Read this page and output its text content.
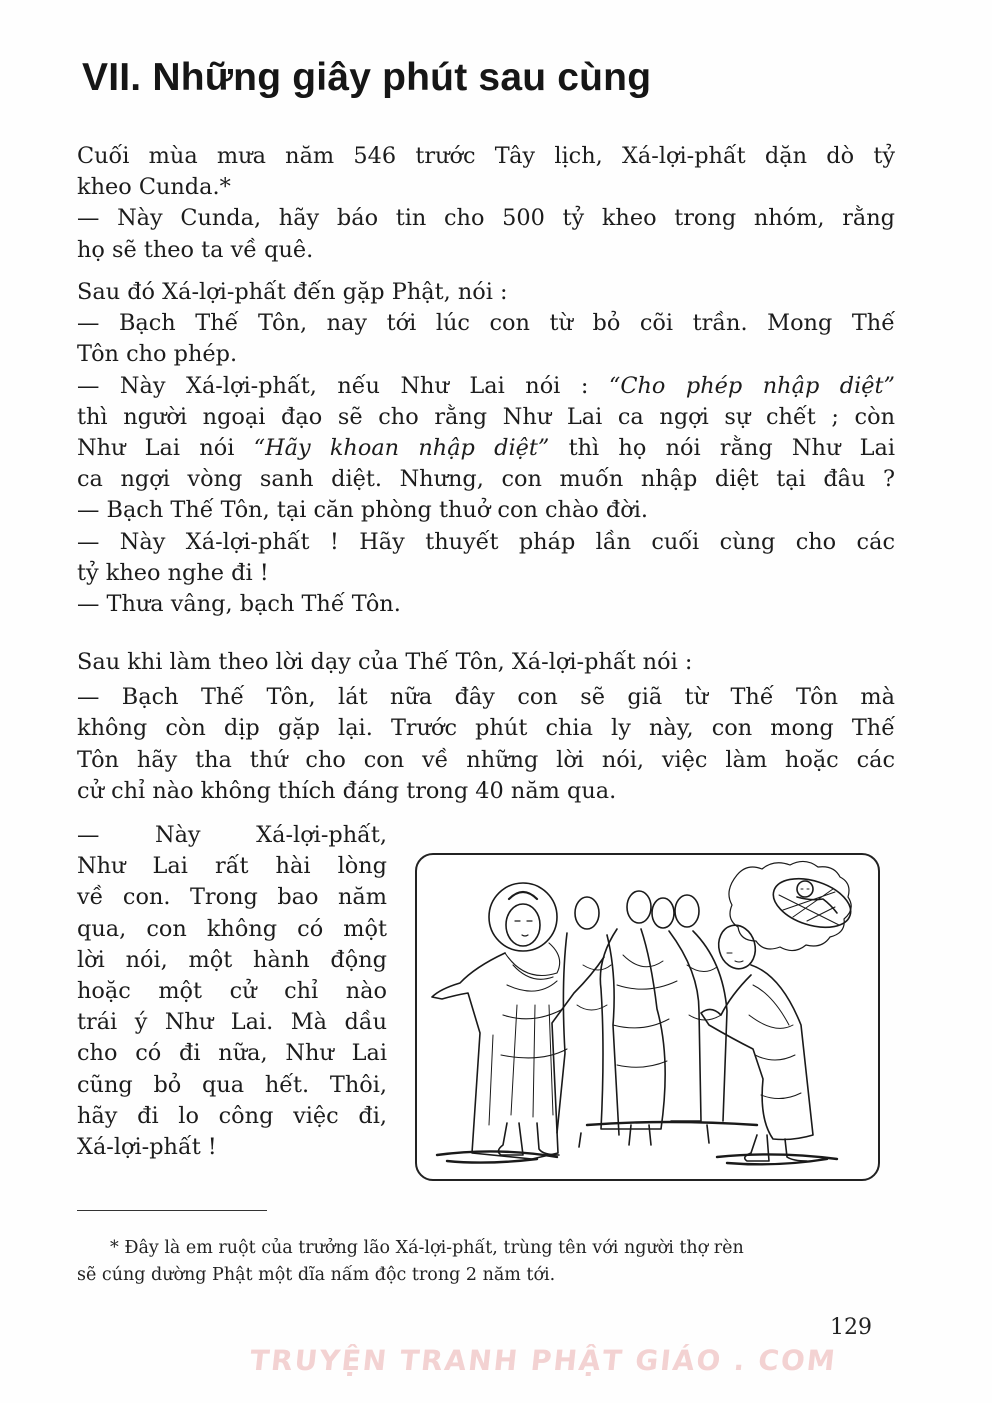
VII. Những giây phút sau cùng
Cuối mùa mưa năm 546 trước Tây lịch, Xá-lợi-phất dặn dò tỷ
kheo Cunda.*
— Này Cunda, hãy báo tin cho 500 tỷ kheo trong nhóm, rằng
họ sẽ theo ta về quê.
Sau đó Xá-lợi-phất đến gặp Phật, nói :
— Bạch Thế Tôn, nay tới lúc con từ bỏ cõi trần. Mong Thế
Tôn cho phép.
— Này Xá-lợi-phất, nếu Như Lai nói : “Cho phép nhập diệt”
thì người ngoại đạo sẽ cho rằng Như Lai ca ngợi sự chết ; còn
Như Lai nói “Hãy khoan nhập diệt” thì họ nói rằng Như Lai
ca ngợi vòng sanh diệt. Nhưng, con muốn nhập diệt tại đâu ?
— Bạch Thế Tôn, tại căn phòng thuở con chào đời.
— Này Xá-lợi-phất ! Hãy thuyết pháp lần cuối cùng cho các
tỷ kheo nghe đi !
— Thưa vâng, bạch Thế Tôn.
Sau khi làm theo lời dạy của Thế Tôn, Xá-lợi-phất nói :
— Bạch Thế Tôn, lát nữa đây con sẽ giã từ Thế Tôn mà
không còn dịp gặp lại. Trước phút chia ly này, con mong Thế
Tôn hãy tha thứ cho con về những lời nói, việc làm hoặc các
cử chỉ nào không thích đáng trong 40 năm qua.
— Này Xá-lợi-phất,
Như Lai rất hài lòng
về con. Trong bao năm
qua, con không có một
lời nói, một hành động
hoặc một cử chỉ nào
trái ý Như Lai. Mà dầu
cho có đi nữa, Như Lai
cũng bỏ qua hết. Thôi,
hãy đi lo công việc đi,
Xá-lợi-phất !
* Đây là em ruột của trưởng lão Xá-lợi-phất, trùng tên với người thợ rèn
sẽ cúng dường Phật một dĩa nấm độc trong 2 năm tới.
129
TRUYỆN TRANH PHẬT GIÁO . COM
